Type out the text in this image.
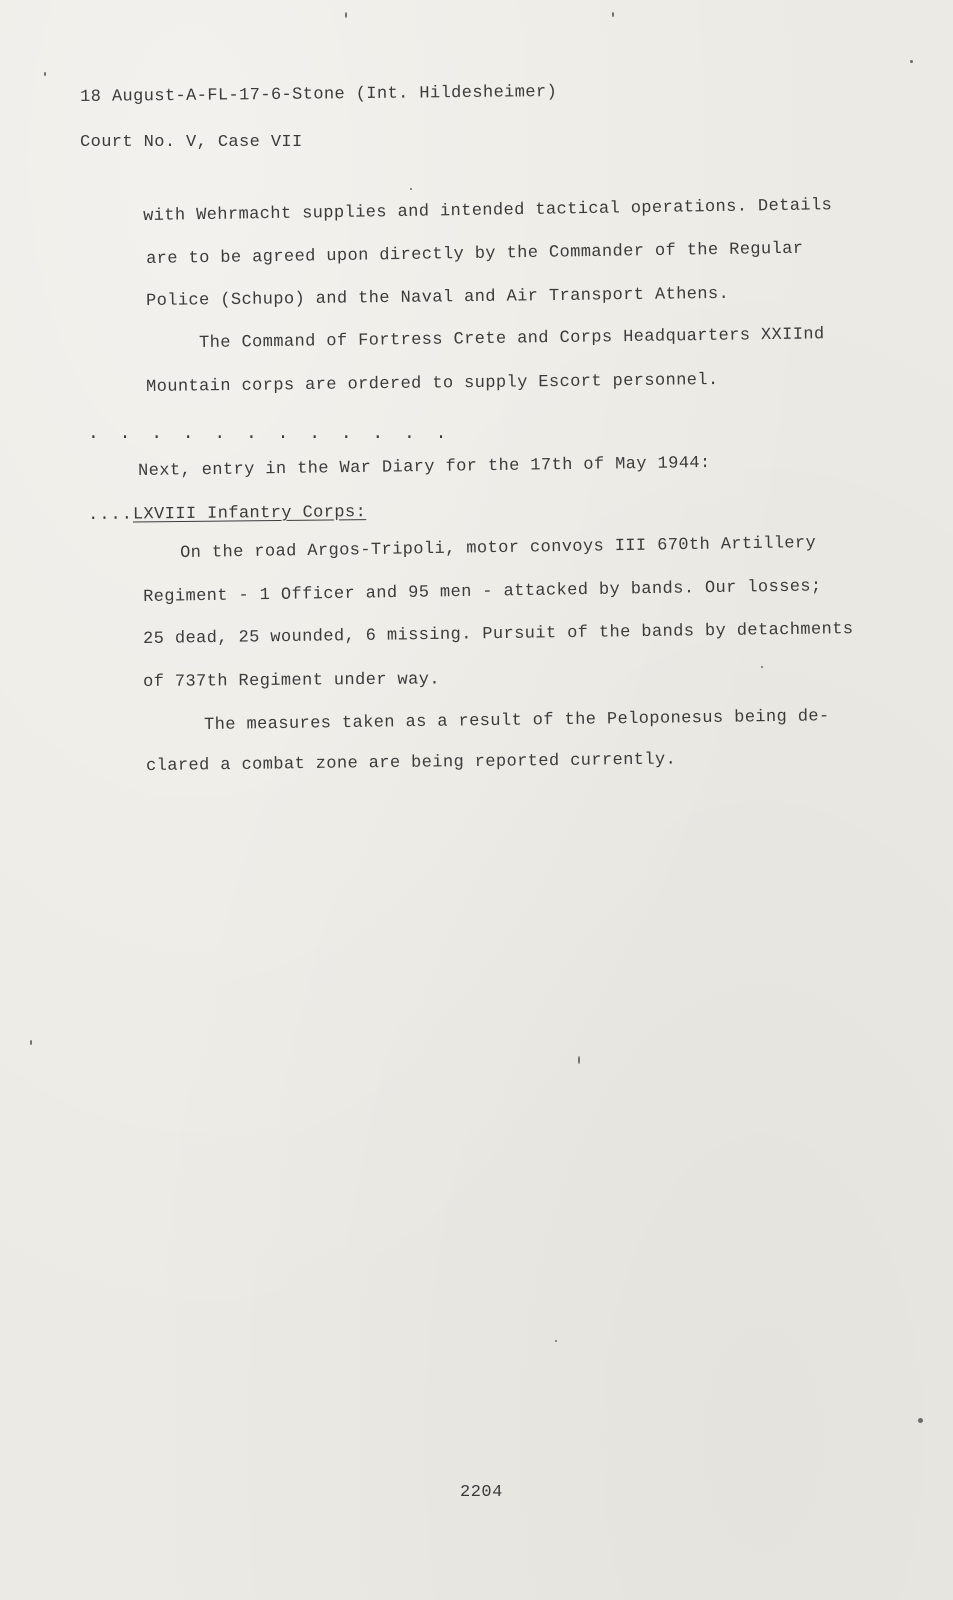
18 August-A-FL-17-6-Stone (Int. Hildesheimer)
Court No. V, Case VII
with Wehrmacht supplies and intended tactical operations. Details
are to be agreed upon directly by the Commander of the Regular
Police (Schupo) and the Naval and Air Transport Athens.
The Command of Fortress Crete and Corps Headquarters XXIInd
Mountain corps are ordered to supply Escort personnel.
. . . . . . . . . . . .
Next, entry in the War Diary for the 17th of May 1944:
....LXVIII Infantry Corps:
On the road Argos-Tripoli, motor convoys III 670th Artillery
Regiment - 1 Officer and 95 men - attacked by bands. Our losses;
25 dead, 25 wounded, 6 missing. Pursuit of the bands by detachments
of 737th Regiment under way.
The measures taken as a result of the Peloponesus being de-
clared a combat zone are being reported currently.
2204
